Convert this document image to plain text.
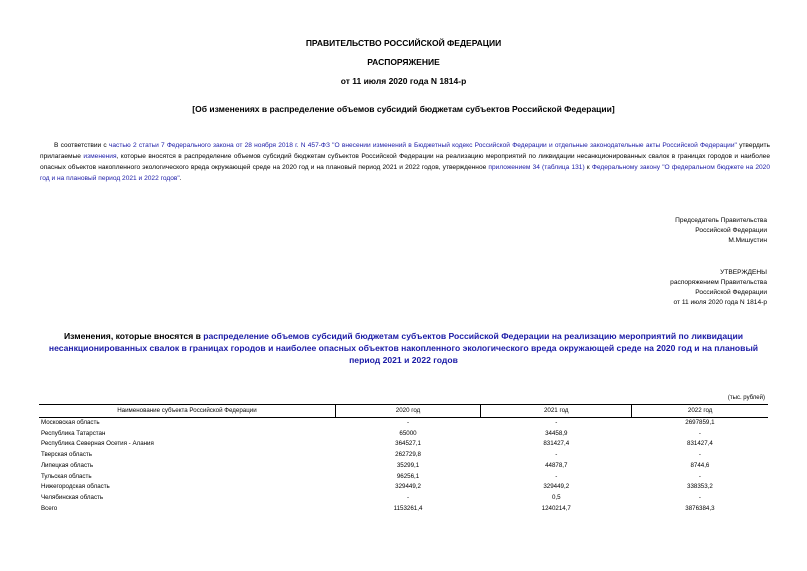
ПРАВИТЕЛЬСТВО РОССИЙСКОЙ ФЕДЕРАЦИИ
РАСПОРЯЖЕНИЕ
от 11 июля 2020 года N 1814-р
[Об изменениях в распределение объемов субсидий бюджетам субъектов Российской Федерации]
В соответствии с частью 2 статьи 7 Федерального закона от 28 ноября 2018 г. N 457-ФЗ "О внесении изменений в Бюджетный кодекс Российской Федерации и отдельные законодательные акты Российской Федерации" утвердить прилагаемые изменения, которые вносятся в распределение объемов субсидий бюджетам субъектов Российской Федерации на реализацию мероприятий по ликвидации несанкционированных свалок в границах городов и наиболее опасных объектов накопленного экологического вреда окружающей среде на 2020 год и на плановый период 2021 и 2022 годов, утвержденное приложением 34 (таблица 131) к Федеральному закону "О федеральном бюджете на 2020 год и на плановый период 2021 и 2022 годов".
Председатель Правительства
Российской Федерации
М.Мишустин
УТВЕРЖДЕНЫ
распоряжением Правительства
Российской Федерации
от 11 июля 2020 года N 1814-р
Изменения, которые вносятся в распределение объемов субсидий бюджетам субъектов Российской Федерации на реализацию мероприятий по ликвидации несанкционированных свалок в границах городов и наиболее опасных объектов накопленного экологического вреда окружающей среде на 2020 год и на плановый период 2021 и 2022 годов
(тыс. рублей)
Наименование субъекта Российской Федерации	2020 год	2021 год	2022 год
Московская область	-	-	2697859,1
Республика Татарстан	65000	34458,9	-
Республика Северная Осетия - Алания	364527,1	831427,4	831427,4
Тверская область	262729,8	-	-
Липецкая область	35299,1	44878,7	8744,6
Тульская область	96256,1	-	-
Нижегородская область	329449,2	329449,2	338353,2
Челябинская область	-	0,5	-
Всего	1153261,4	1240214,7	3876384,3
